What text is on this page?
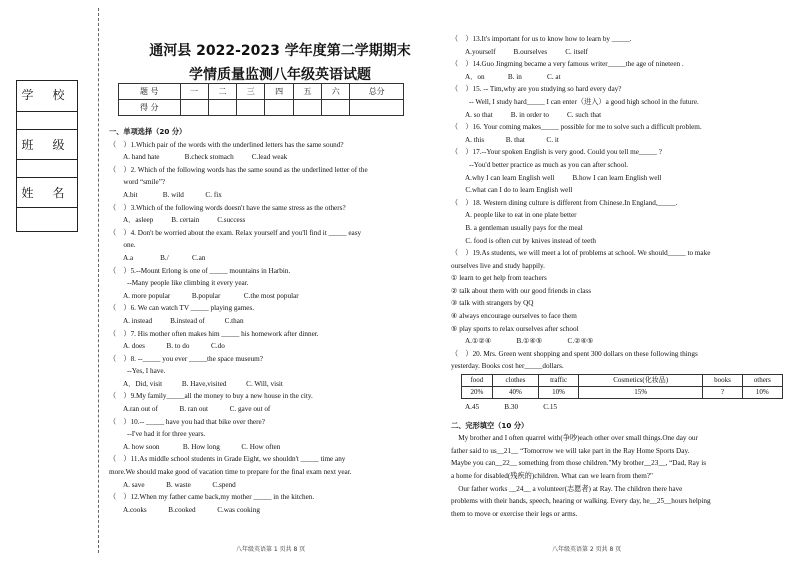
学 校
班 级
姓 名
通河县 2022-2023 学年度第二学期期末
学情质量监测八年级英语试题
题 号	一	二	三	四	五	六	总分
得 分							
一、单项选择（20 分）
（    ）1.Which pair of the words with the underlined letters has the same sound?
A. hand hate              B.check stomach          C.lead weak
（    ）2. Which of the following words has the same sound as the underlined letter of the
word “smile”?
A.bit              B. wild            C. fix
（    ）3.Which of the following words doesn't have the same stress as the others?
A．asleep          B. certain          C.success
（    ）4. Don't be worried about the exam. Relax yourself and you'll find it _____ easy
one.
A.a               B./             C.an
（    ）5.--Mount Erlong is one of _____ mountains in Harbin.
--Many people like climbing it every year.
A. more popular            B.popular             C.the most popular
（    ）6. We can watch TV _____ playing games.
A. instead          B.instead of           C.than
（    ）7. His mother often makes him _____ his homework after dinner.
A. does            B. to do            C.do
（    ）8. --_____ you ever _____the space museum?
--Yes, I have.
A．Did, visit           B. Have,visited           C. Will, visit
（    ）9.My family_____all the money to buy a new house in the city.
A.ran out of            B. ran out            C. gave out of
（    ）10.-- _____ have you had that bike over there?
--I've had it for three years.
A. how soon             B. How long            C. How often
（    ）11.As middle school students in Grade Eight, we shouldn't _____ time any
more.We should make good of vacation time to prepare for the final exam next year.
A. save            B. waste            C.spend
（    ）12.When my father came back,my mother _____ in the kitchen.
A.cooks            B.cooked            C.was cooking
（    ）13.It's important for us to know how to learn by _____.
A.yourself          B.ourselves          C. itself
（    ）14.Guo Jingming became a very famous writer_____the age of nineteen .
A．on             B. in              C. at
（    ）15. -- Tim,why are you studying so hard every day?
-- Well, I study hard_____ I can enter（进入）a good high school in the future.
A. so that          B. in order to          C. such that
（    ）16. Your coming makes_____ possible for me to solve such a difficult problem.
A. this            B. that            C. it
（    ）17.--Your spoken English is very good. Could you tell me_____ ?
--You'd better practice as much as you can after school.
A.why I can learn English well          B.how I can learn English well
C.what can I do to learn English well
（    ）18. Western dining culture is different from Chinese.In England,_____.
A. people like to eat in one plate better
B. a gentleman usually pays for the meal
C. food is often cut by knives instead of teeth
（    ）19.As students, we will meet a lot of problems at school. We should_____ to make
ourselves live and study happily.
① learn to get help from teachers
② talk about them with our good friends in class
③ talk with strangers by QQ
④ always encourage ourselves to face them
⑤ play sports to relax ourselves after school
A.①②④              B.①④⑤              C.②④⑤
（    ）20. Mrs. Green went shopping and spent 300 dollars on these following things
yesterday. Books cost her_____dollars.
food	clothes	traffic	Cosmetics(化妆品)	books	others
20%	40%	10%	15%	?	10%
A.45              B.30              C.15
二、完形填空（10 分）
My brother and I often quarrel with(争吵)each other over small things.One day our
father said to us__21__ “Tomorrow we will take part in the Ray Home Sports Day.
Maybe you can__22__ something from those children."My brother__23__, “Dad, Ray is
a home for disabled(残疾的)children. What can we learn from them?"
Our father works __24__ a volunteer(志愿者) at Ray. The children there have
problems with their hands, speech, hearing or walking. Every day, he__25__hours helping
them to move or exercise their legs or arms.
八年级英语第 1 页共 8 页	八年级英语第 2 页共 8 页
